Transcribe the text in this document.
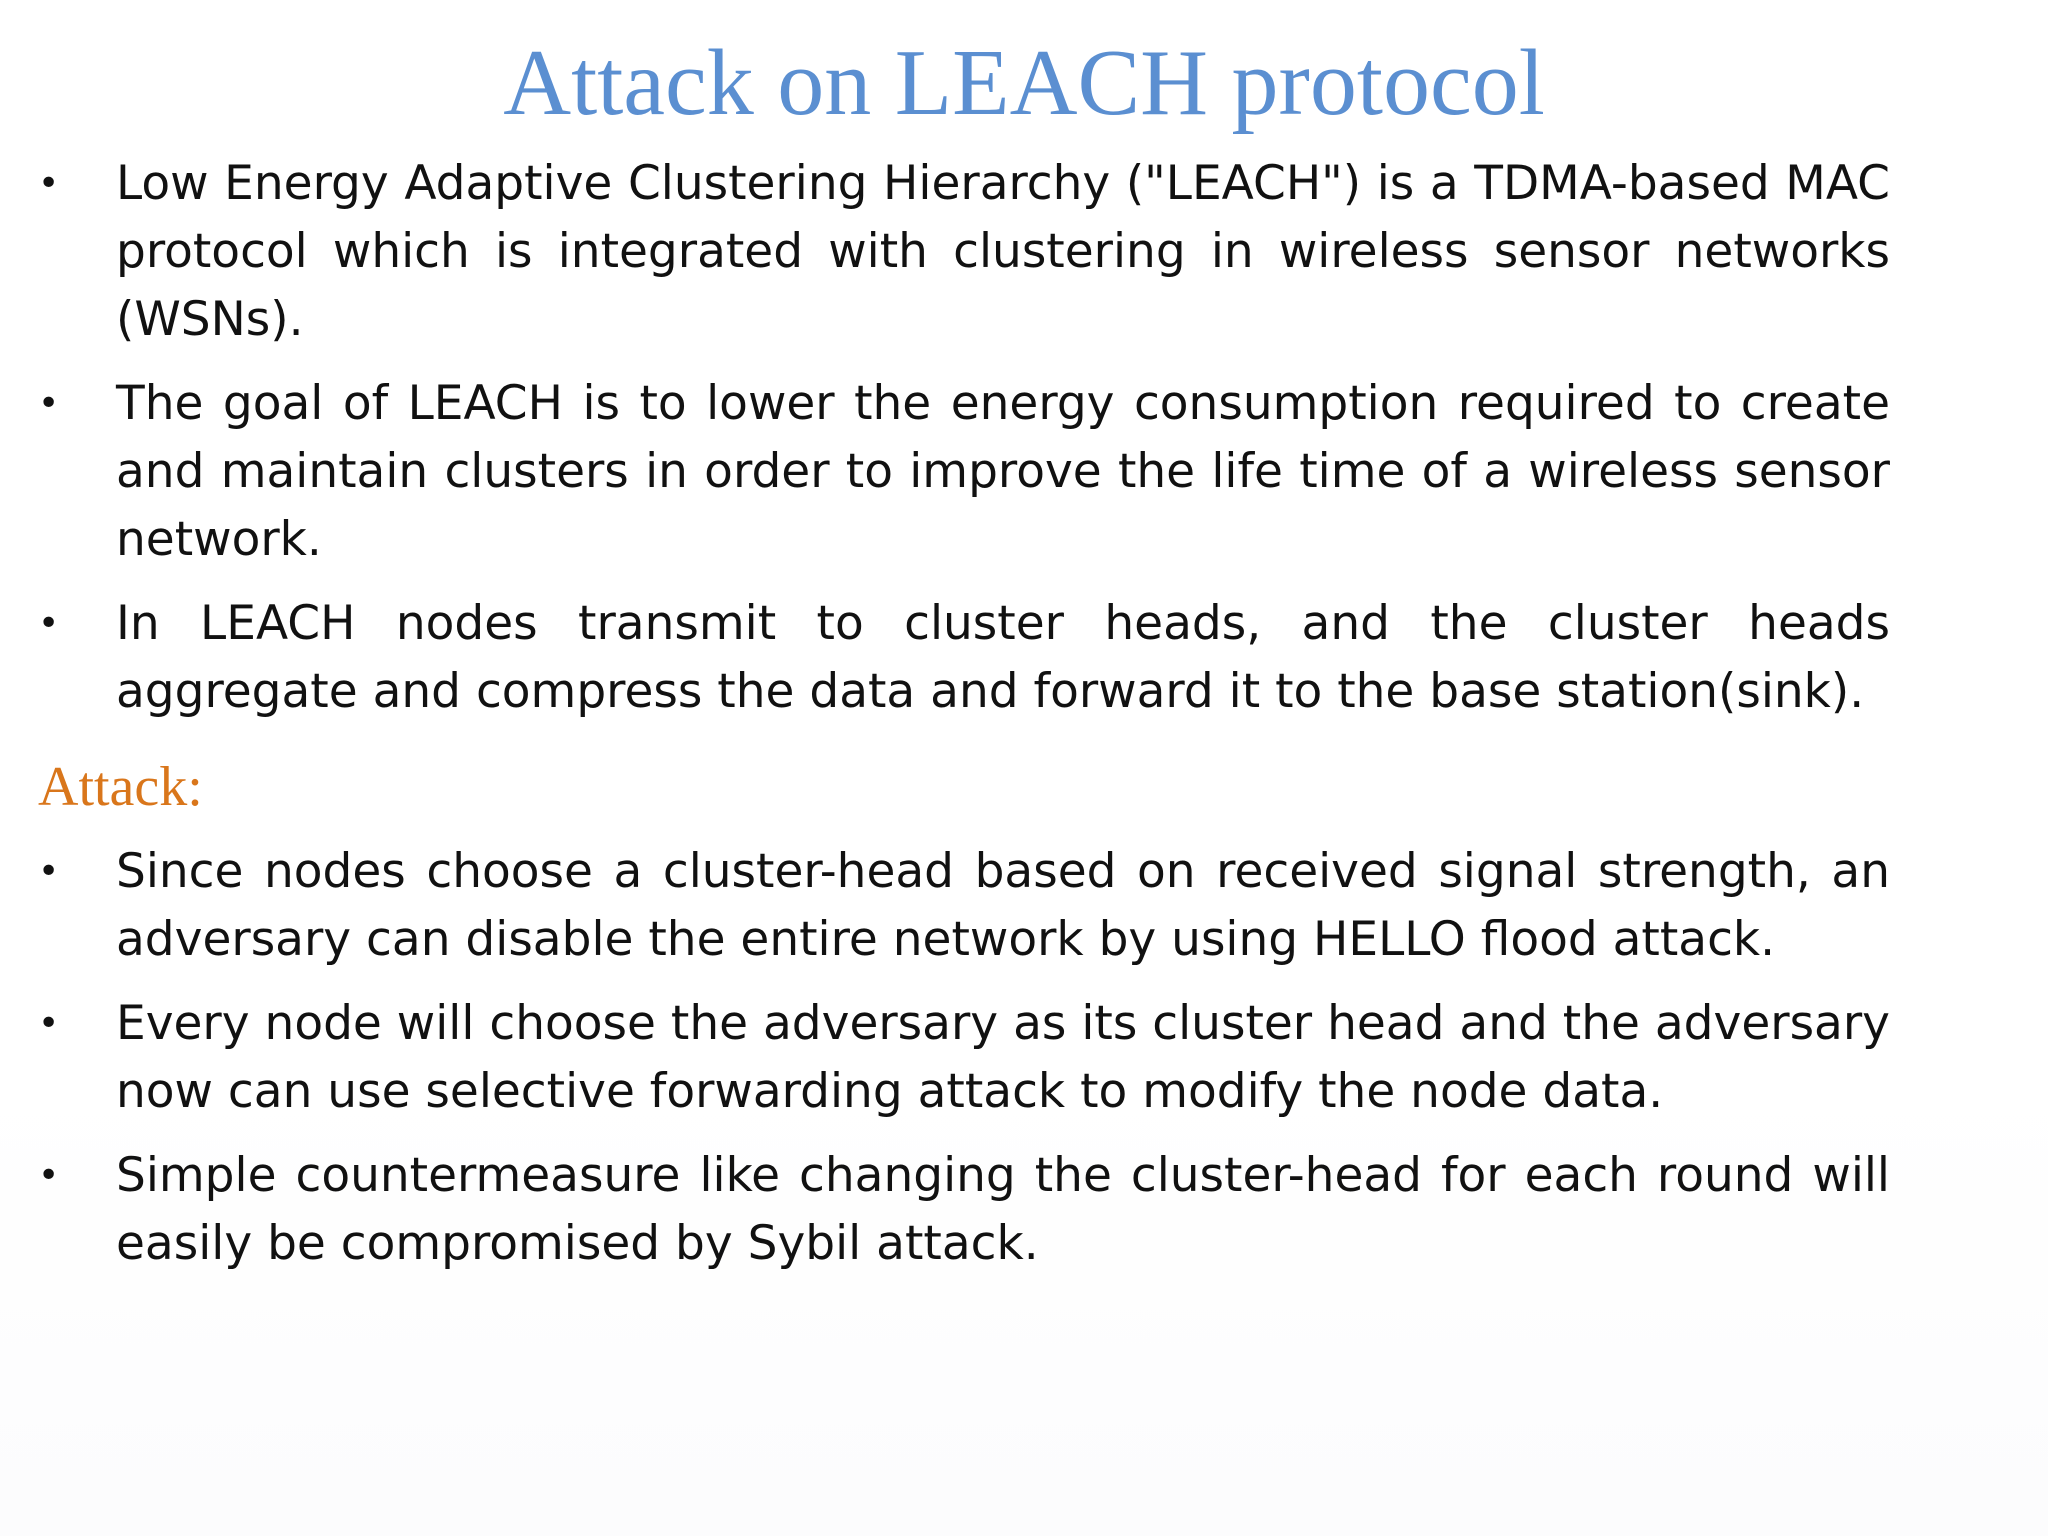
Attack on LEACH protocol
• Low Energy Adaptive Clustering Hierarchy ("LEACH") is a TDMA-based MAC protocol which is integrated with clustering in wireless sensor networks (WSNs).
• The goal of LEACH is to lower the energy consumption required to create and maintain clusters in order to improve the life time of a wireless sensor network.
• In LEACH nodes transmit to cluster heads, and the cluster heads aggregate and compress the data and forward it to the base station(sink).
Attack:
• Since nodes choose a cluster-head based on received signal strength, an adversary can disable the entire network by using HELLO flood attack.
• Every node will choose the adversary as its cluster head and the adversary now can use selective forwarding attack to modify the node data.
• Simple countermeasure like changing the cluster-head for each round will easily be compromised by Sybil attack.
